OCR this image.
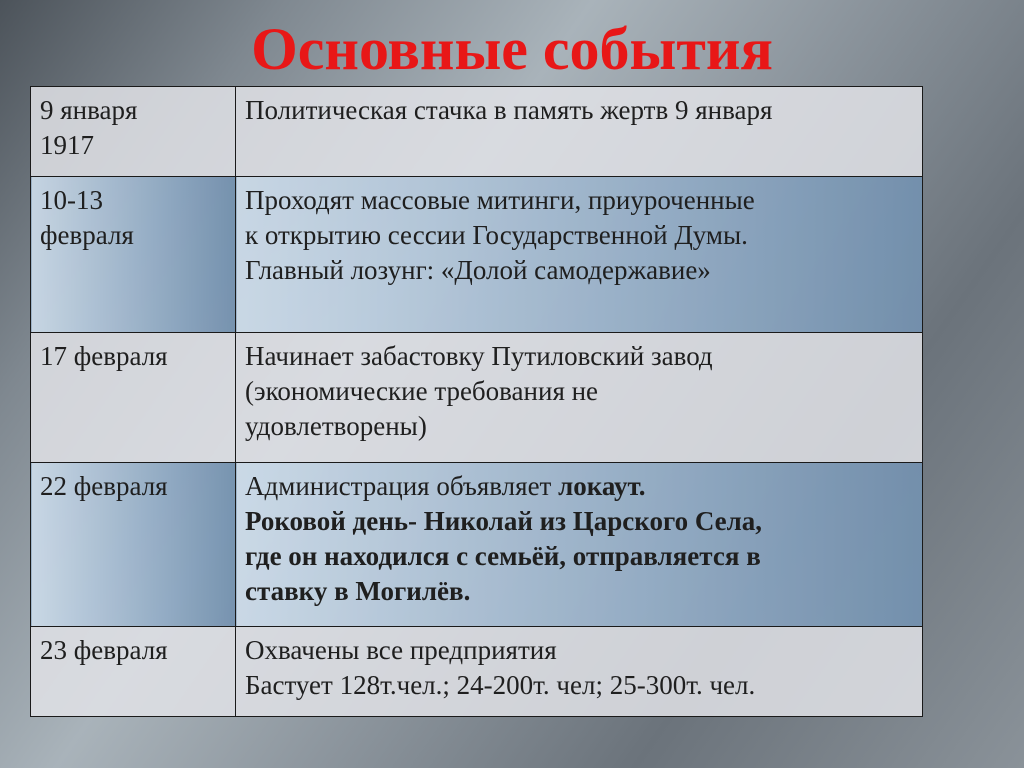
Основные события
9 января
1917	Политическая стачка в память жертв 9 января

10-13
февраля	Проходят массовые митинги, приуроченные
к открытию сессии Государственной Думы.
Главный лозунг: «Долой самодержавие»

17 февраля	Начинает забастовку Путиловский завод
(экономические требования не
удовлетворены)

22 февраля	Администрация объявляет локаут.
Роковой день- Николай из Царского Села,
где он находился с семьёй, отправляется в
ставку в Могилёв.

23 февраля	Охвачены все предприятия
Бастует 128т.чел.; 24-200т. чел; 25-300т. чел.
